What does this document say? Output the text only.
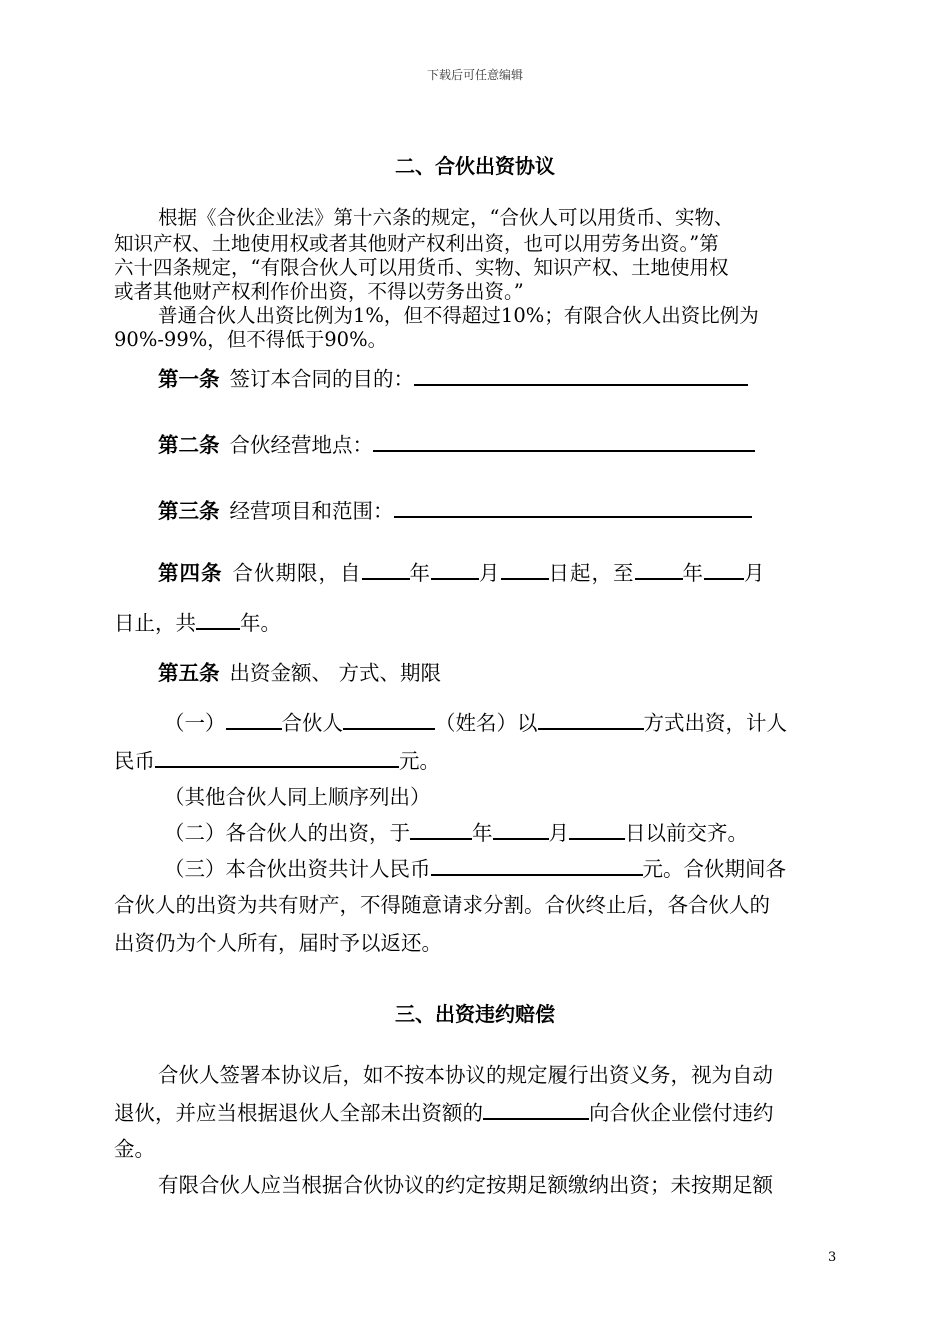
下载后可任意编辑
二、合伙出资协议
根据《合伙企业法》第十六条的规定，“合伙人可以用货币、实物、
知识产权、土地使用权或者其他财产权利出资，也可以用劳务出资。”第
六十四条规定，“有限合伙人可以用货币、实物、知识产权、土地使用权
或者其他财产权利作价出资，不得以劳务出资。”
普通合伙人出资比例为1%，但不得超过10%；有限合伙人出资比例为
90%-99%，但不得低于90%。
第一条 签订本合同的目的：
第二条 合伙经营地点：
第三条 经营项目和范围：
第四条 合伙期限，自 年 月 日起，至 年 月
日止，共 年。
第五条 出资金额、 方式、期限
（一）	合伙人	（姓名）以	方式出资，计人
民币	元。
（其他合伙人同上顺序列出）
（二）各合伙人的出资，于	年	月	日以前交齐。
（三）本合伙出资共计人民币	元。合伙期间各
合伙人的出资为共有财产，不得随意请求分割。合伙终止后，各合伙人的
出资仍为个人所有，届时予以返还。
三、出资违约赔偿
合伙人签署本协议后，如不按本协议的规定履行出资义务，视为自动
退伙，并应当根据退伙人全部未出资额的	向合伙企业偿付违约
金。
有限合伙人应当根据合伙协议的约定按期足额缴纳出资；未按期足额
3
